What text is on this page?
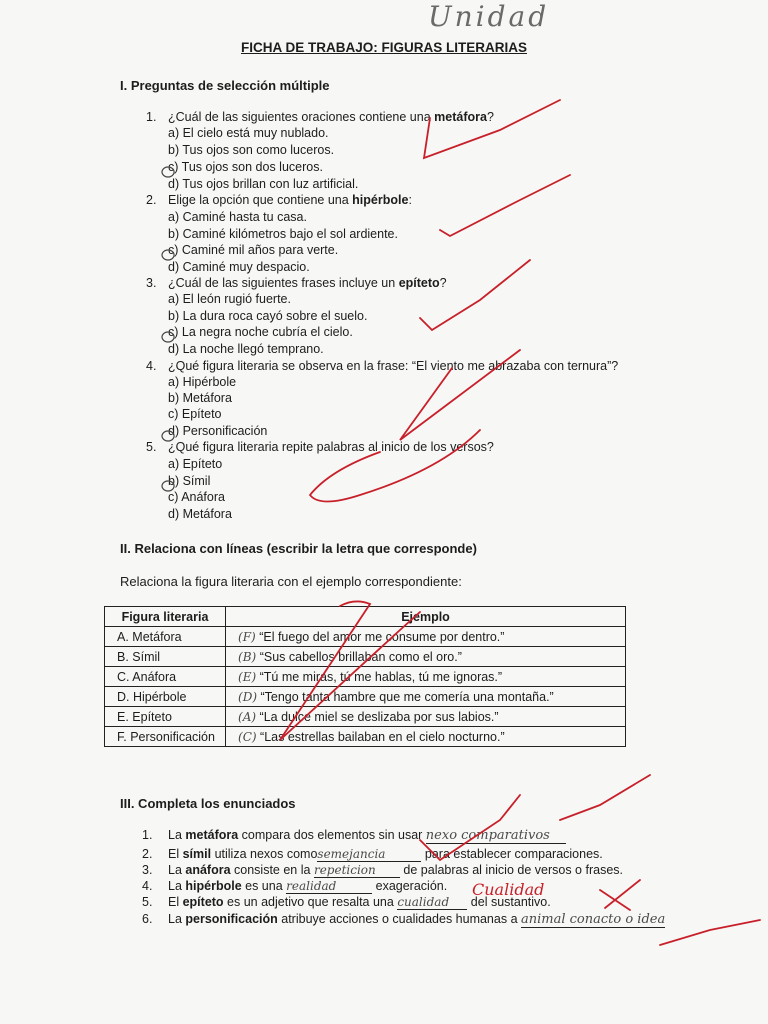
Unidad
FICHA DE TRABAJO: FIGURAS LITERARIAS
I. Preguntas de selección múltiple
1. ¿Cuál de las siguientes oraciones contiene una metáfora?
a) El cielo está muy nublado.
b) Tus ojos son como luceros.
c) Tus ojos son dos luceros.
d) Tus ojos brillan con luz artificial.
2. Elige la opción que contiene una hipérbole:
a) Caminé hasta tu casa.
b) Caminé kilómetros bajo el sol ardiente.
c) Caminé mil años para verte.
d) Caminé muy despacio.
3. ¿Cuál de las siguientes frases incluye un epíteto?
a) El león rugió fuerte.
b) La dura roca cayó sobre el suelo.
c) La negra noche cubría el cielo.
d) La noche llegó temprano.
4. ¿Qué figura literaria se observa en la frase: “El viento me abrazaba con ternura”?
a) Hipérbole
b) Metáfora
c) Epíteto
d) Personificación
5. ¿Qué figura literaria repite palabras al inicio de los versos?
a) Epíteto
b) Símil
c) Anáfora
d) Metáfora
II. Relaciona con líneas (escribir la letra que corresponde)
Relaciona la figura literaria con el ejemplo correspondiente:
Figura literaria	Ejemplo
A. Metáfora	(F) “El fuego del amor me consume por dentro.”
B. Símil	(B) “Sus cabellos brillaban como el oro.”
C. Anáfora	(E) “Tú me miras, tú me hablas, tú me ignoras.”
D. Hipérbole	(D) “Tengo tanta hambre que me comería una montaña.”
E. Epíteto	(A) “La dulce miel se deslizaba por sus labios.”
F. Personificación	(C) “Las estrellas bailaban en el cielo nocturno.”
III. Completa los enunciados
1. La metáfora compara dos elementos sin usar nexo comparativos
2. El símil utiliza nexos comosemejancia	para establecer comparaciones.
3. La anáfora consiste en la repeticion de palabras al inicio de versos o frases.
4. La hipérbole es una realidad	exageración.
5. El epíteto es un adjetivo que resalta una cualidad del sustantivo.
6. La personificación atribuye acciones o cualidades humanas a animal conacto o idea
Cualidad
